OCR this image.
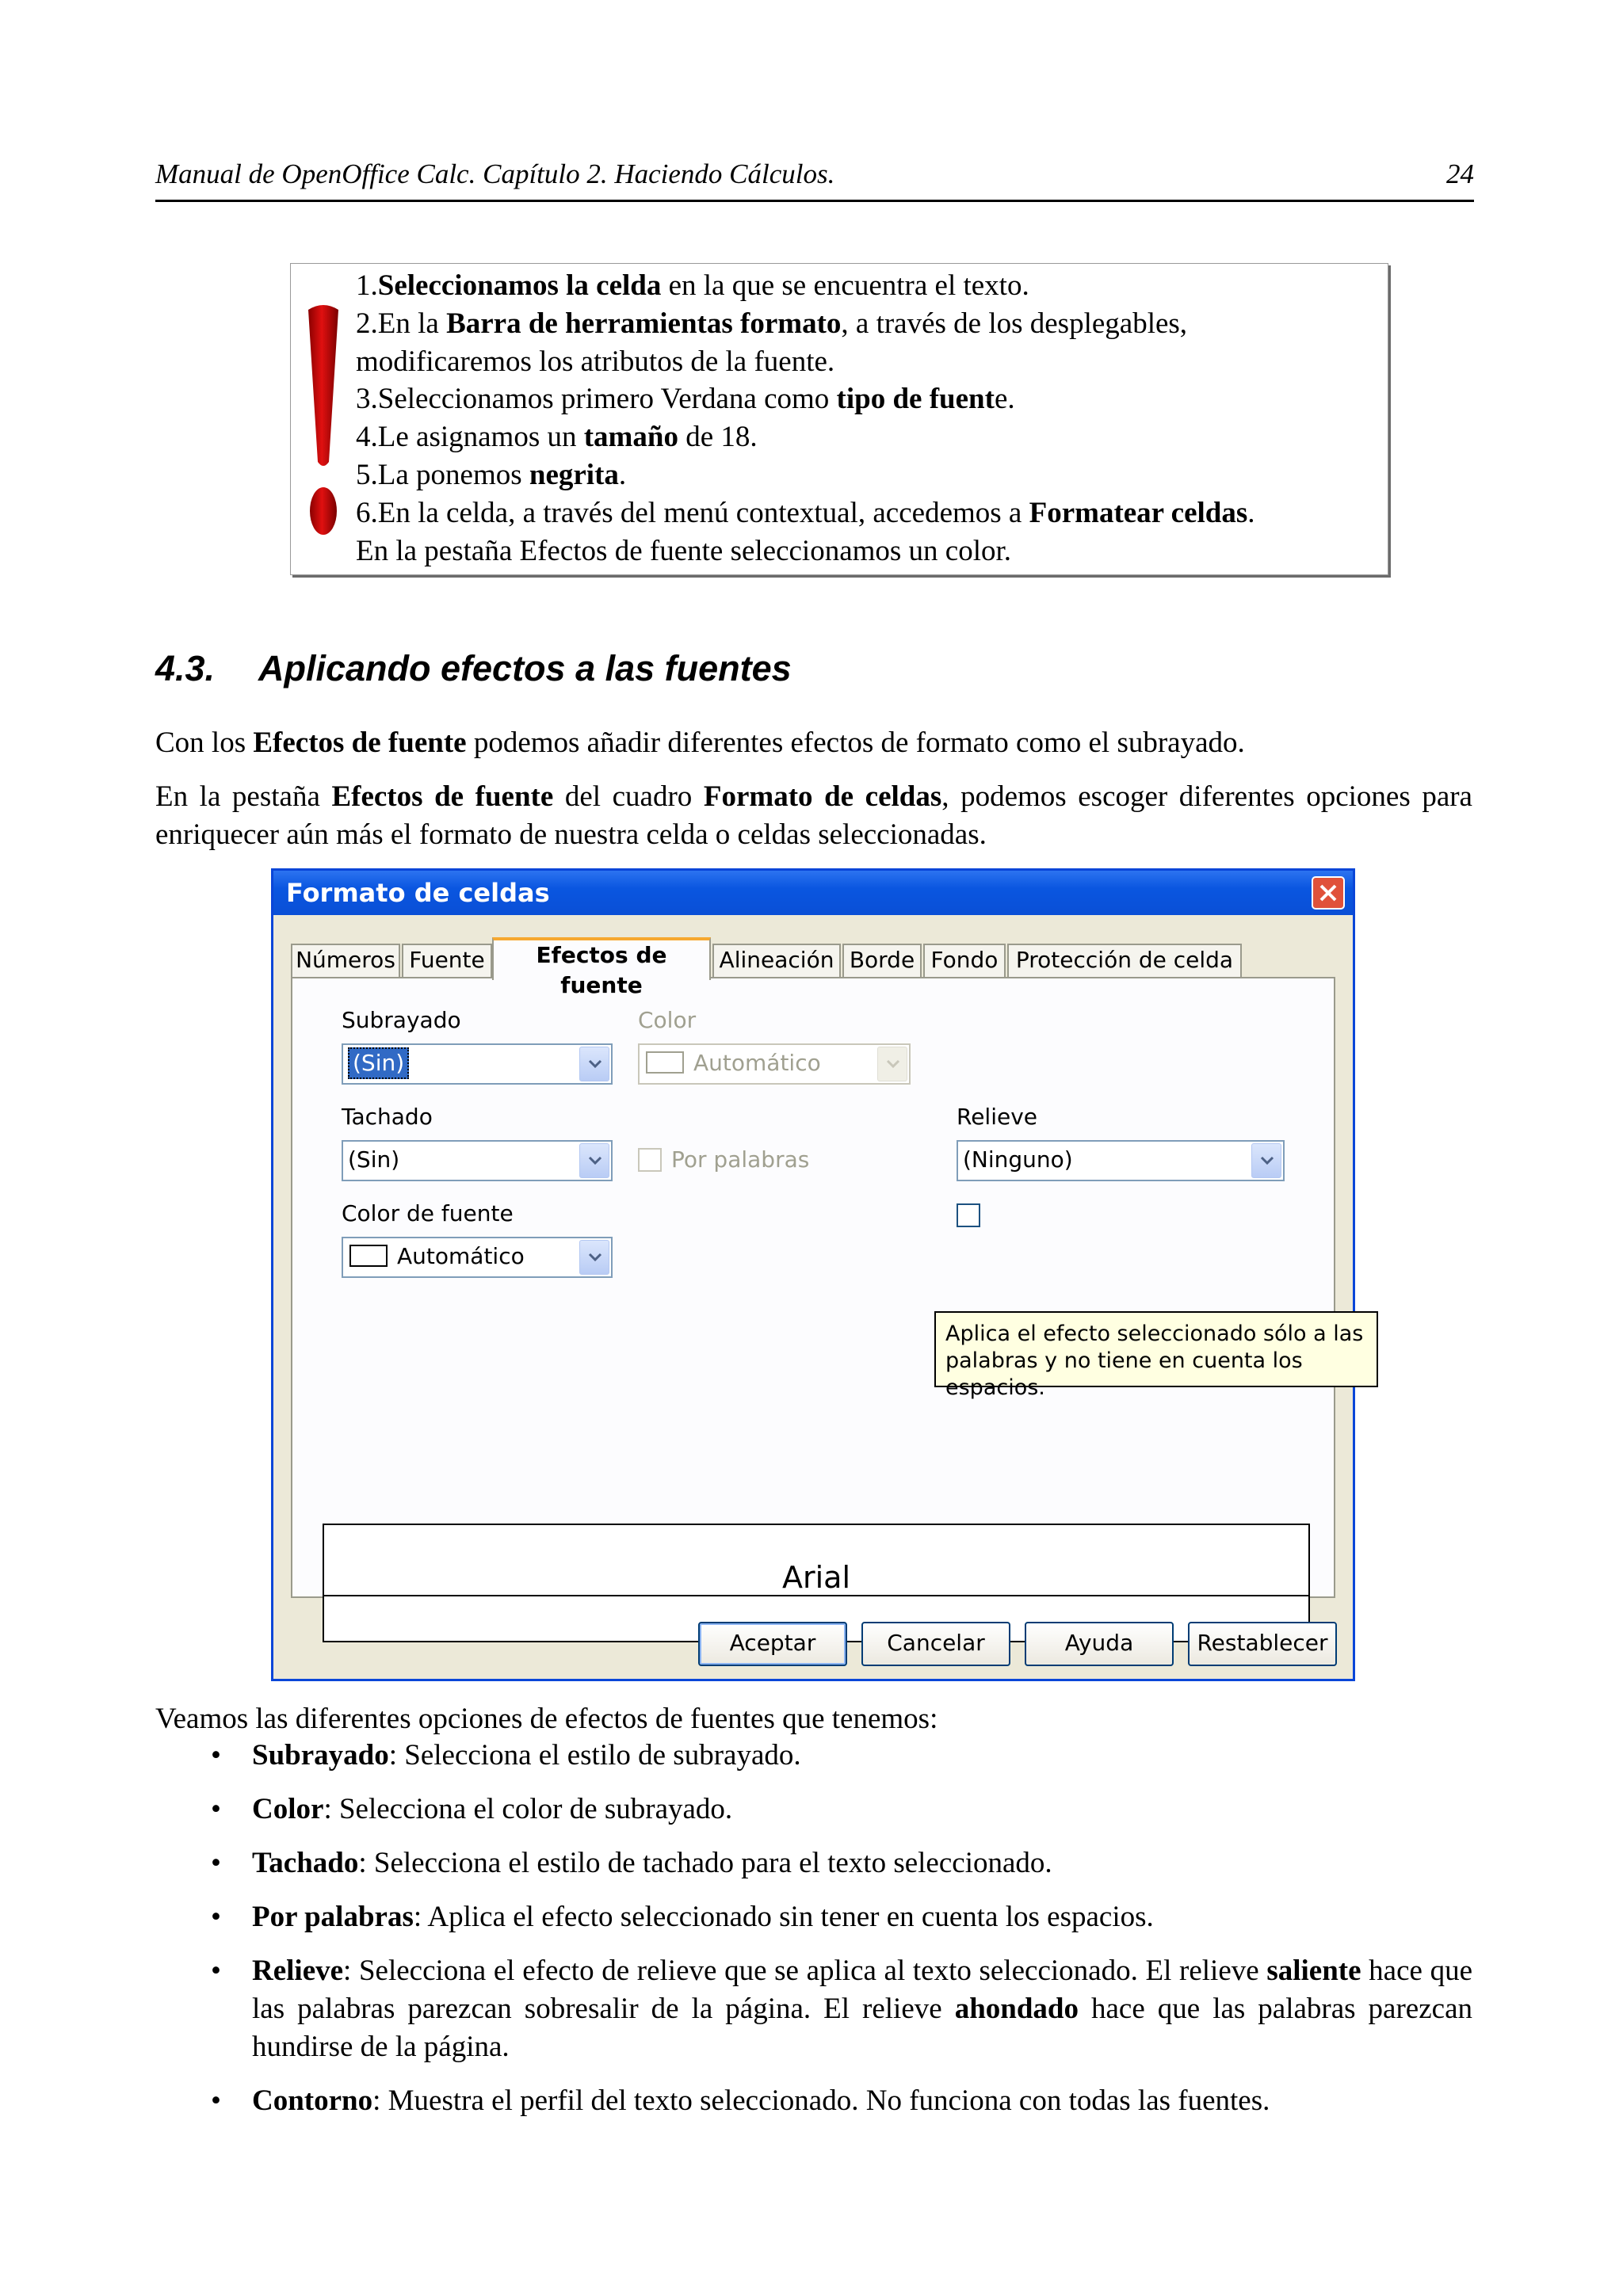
Manual de OpenOffice Calc. Capítulo 2. Haciendo Cálculos.	24
1.Seleccionamos la celda en la que se encuentra el texto.
2.En la Barra de herramientas formato, a través de los desplegables,
modificaremos los atributos de la fuente.
3.Seleccionamos primero Verdana como tipo de fuente.
4.Le asignamos un tamaño de 18.
5.La ponemos negrita.
6.En la celda, a través del menú contextual, accedemos a Formatear celdas.
En la pestaña Efectos de fuente seleccionamos un color.
4.3. Aplicando efectos a las fuentes
Con los Efectos de fuente podemos añadir diferentes efectos de formato como el subrayado.
En la pestaña Efectos de fuente del cuadro Formato de celdas, podemos escoger diferentes opciones para enriquecer aún más el formato de nuestra celda o celdas seleccionadas.
Formato de celdas
Números Fuente	Efectos de fuente
Alineación Borde Fondo Protección de celda
Subrayado
(Sin)
Color
Automático
Tachado
(Sin)	Por palabras
Relieve
(Ninguno)
Color de fuente
Automático
Aplica el efecto seleccionado sólo a las
palabras y no tiene en cuenta los espacios.
Arial
Aceptar	Cancelar	Ayuda	Restablecer
Veamos las diferentes opciones de efectos de fuentes que tenemos:
• Subrayado: Selecciona el estilo de subrayado.
• Color: Selecciona el color de subrayado.
• Tachado: Selecciona el estilo de tachado para el texto seleccionado.
• Por palabras: Aplica el efecto seleccionado sin tener en cuenta los espacios.
• Relieve: Selecciona el efecto de relieve que se aplica al texto seleccionado. El relieve saliente hace que las palabras parezcan sobresalir de la página. El relieve ahondado hace que las palabras parezcan hundirse de la página.
• Contorno: Muestra el perfil del texto seleccionado. No funciona con todas las fuentes.
